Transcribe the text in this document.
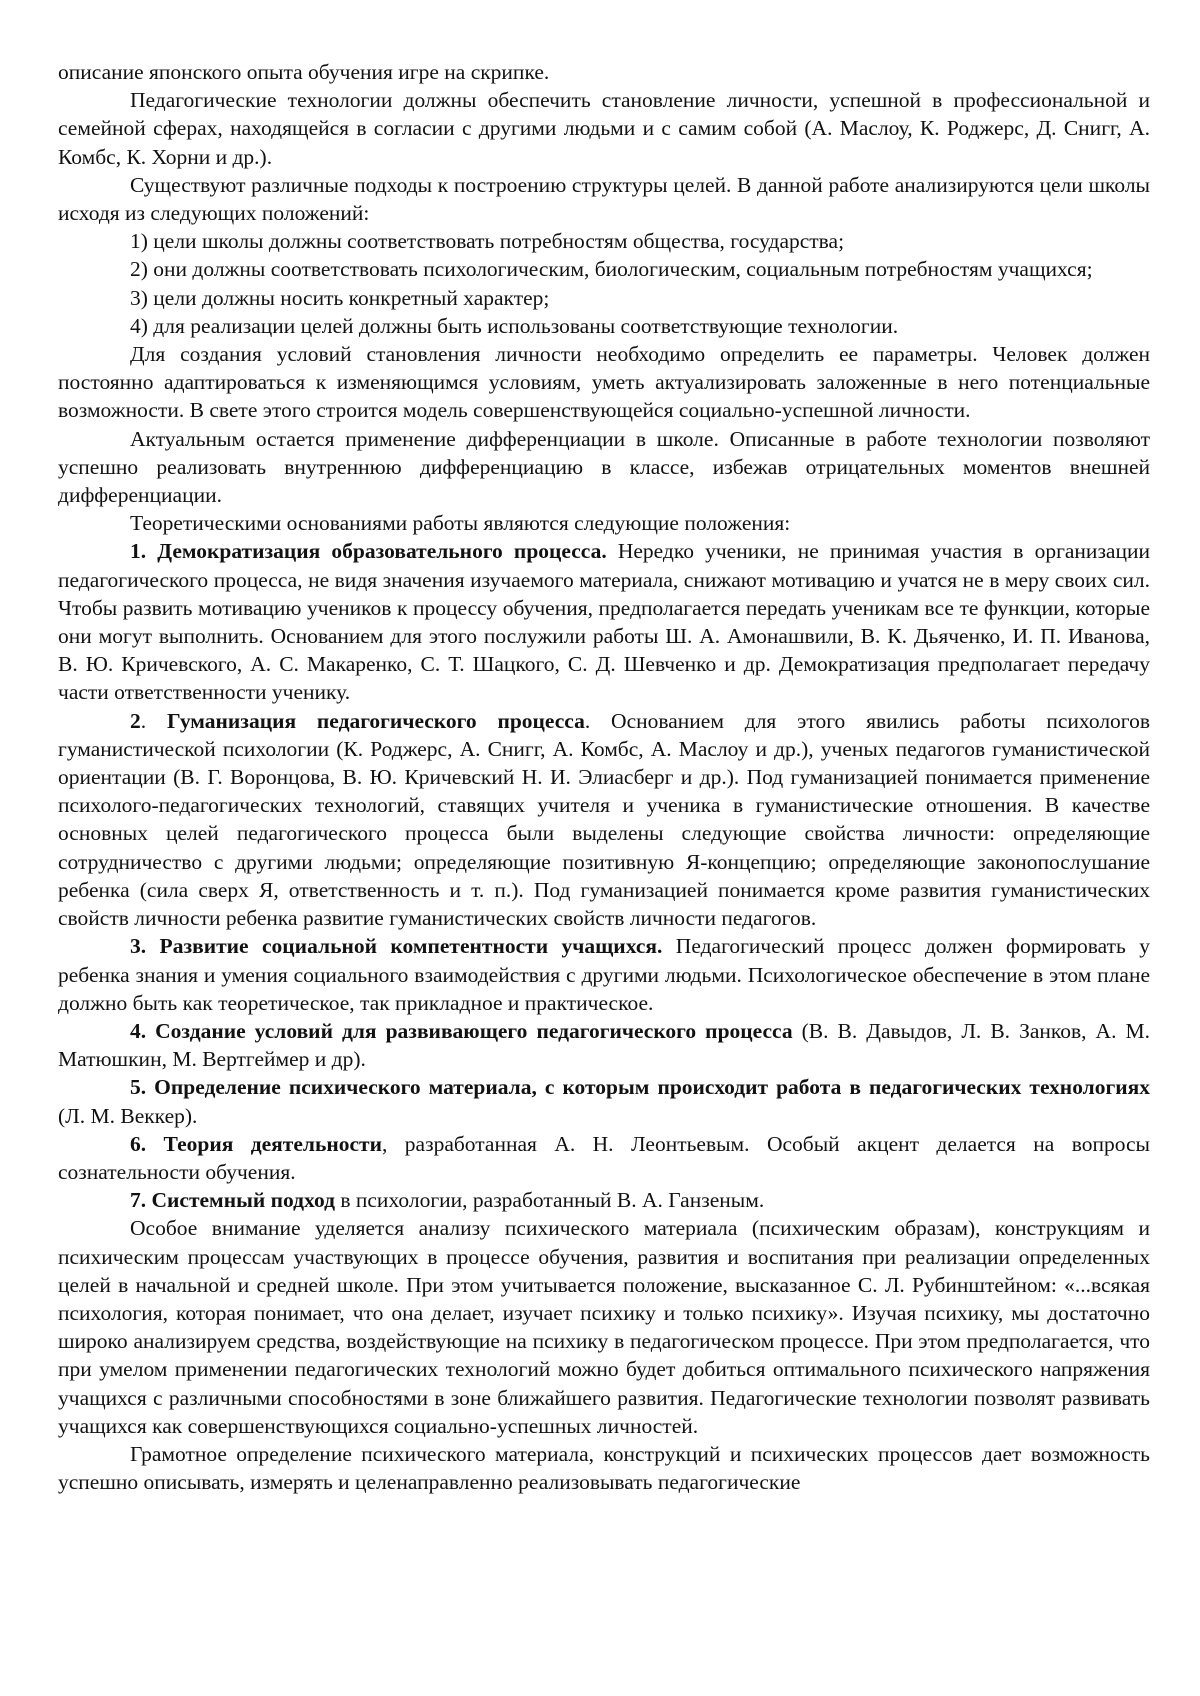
описание японского опыта обучения игре на скрипке.

Педагогические технологии должны обеспечить становление личности, успешной в профессиональной и семейной сферах, находящейся в согласии с другими людьми и с самим собой (А. Маслоу, К. Роджерс, Д. Снигг, А. Комбс, К. Хорни и др.).

Существуют различные подходы к построению структуры целей. В данной работе анализируются цели школы исходя из следующих положений:

1) цели школы должны соответствовать потребностям общества, государства;

2) они должны соответствовать психологическим, биологическим, социальным потребностям учащихся;

3) цели должны носить конкретный характер;

4) для реализации целей должны быть использованы соответствующие технологии.

Для создания условий становления личности необходимо определить ее параметры. Человек должен постоянно адаптироваться к изменяющимся условиям, уметь актуализировать заложенные в него потенциальные возможности. В свете этого строится модель совершенствующейся социально-успешной личности.

Актуальным остается применение дифференциации в школе. Описанные в работе технологии позволяют успешно реализовать внутреннюю дифференциацию в классе, избежав отрицательных моментов внешней дифференциации.

Теоретическими основаниями работы являются следующие положения:

1. Демократизация образовательного процесса. Нередко ученики, не принимая участия в организации педагогического процесса, не видя значения изучаемого материала, снижают мотивацию и учатся не в меру своих сил. Чтобы развить мотивацию учеников к процессу обучения, предполагается передать ученикам все те функции, которые они могут выполнить. Основанием для этого послужили работы Ш. А. Амонашвили, В. К. Дьяченко, И. П. Иванова, В. Ю. Кричевского, А. С. Макаренко, С. Т. Шацкого, С. Д. Шевченко и др. Демократизация предполагает передачу части ответственности ученику.

2. Гуманизация педагогического процесса. Основанием для этого явились работы психологов гуманистической психологии (К. Роджерс, А. Снигг, А. Комбс, А. Маслоу и др.), ученых педагогов гуманистической ориентации (В. Г. Воронцова, В. Ю. Кричевский Н. И. Элиасберг и др.). Под гуманизацией понимается применение психолого-педагогических технологий, ставящих учителя и ученика в гуманистические отношения. В качестве основных целей педагогического процесса были выделены следующие свойства личности: определяющие сотрудничество с другими людьми; определяющие позитивную Я-концепцию; определяющие законопослушание ребенка (сила сверх Я, ответственность и т. п.). Под гуманизацией понимается кроме развития гуманистических свойств личности ребенка развитие гуманистических свойств личности педагогов.

3. Развитие социальной компетентности учащихся. Педагогический процесс должен формировать у ребенка знания и умения социального взаимодействия с другими людьми. Психологическое обеспечение в этом плане должно быть как теоретическое, так прикладное и практическое.

4. Создание условий для развивающего педагогического процесса (В. В. Давыдов, Л. В. Занков, А. М. Матюшкин, М. Вертгеймер и др).

5. Определение психического материала, с которым происходит работа в педагогических технологиях (Л. М. Веккер).

6. Теория деятельности, разработанная А. Н. Леонтьевым. Особый акцент делается на вопросы сознательности обучения.

7. Системный подход в психологии, разработанный В. А. Ганзеным.

Особое внимание уделяется анализу психического материала (психическим образам), конструкциям и психическим процессам участвующих в процессе обучения, развития и воспитания при реализации определенных целей в начальной и средней школе. При этом учитывается положение, высказанное С. Л. Рубинштейном: «...всякая психология, которая понимает, что она делает, изучает психику и только психику». Изучая психику, мы достаточно широко анализируем средства, воздействующие на психику в педагогическом процессе. При этом предполагается, что при умелом применении педагогических технологий можно будет добиться оптимального психического напряжения учащихся с различными способностями в зоне ближайшего развития. Педагогические технологии позволят развивать учащихся как совершенствующихся социально-успешных личностей.

Грамотное определение психического материала, конструкций и психических процессов дает возможность успешно описывать, измерять и целенаправленно реализовывать педагогические
